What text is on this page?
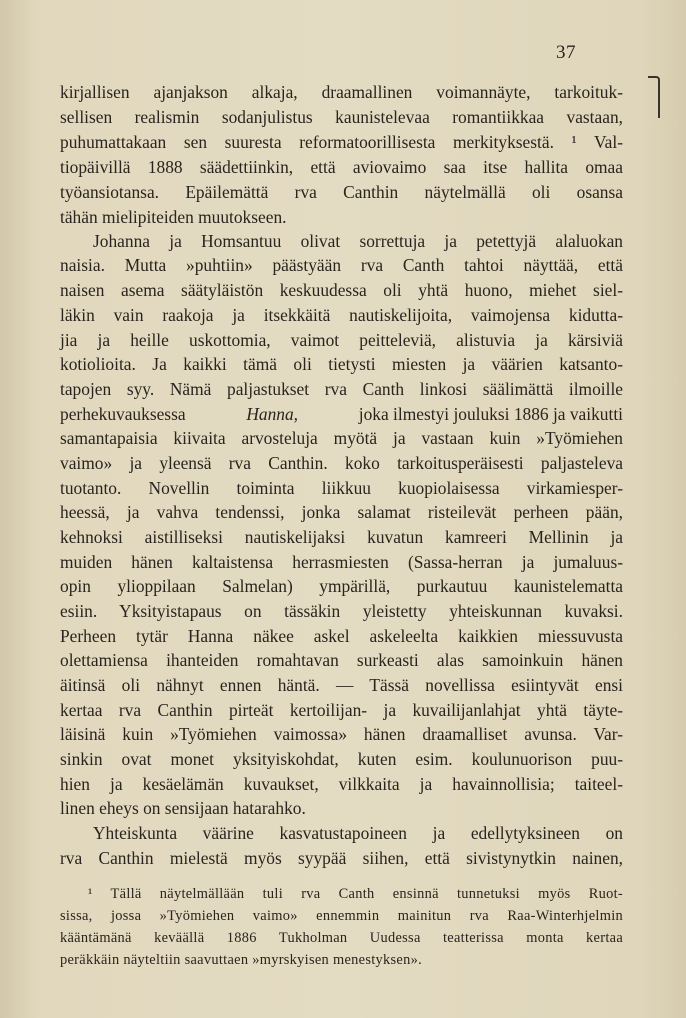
37
kirjallisen ajanjakson alkaja, draamallinen voimannäyte, tarkoituk-
sellisen realismin sodanjulistus kaunistelevaa romantiikkaa vastaan,
puhumattakaan sen suuresta reformatoorillisesta merkityksestä. ¹ Val-
tiopäivillä 1888 säädettiinkin, että aviovaimo saa itse hallita omaa
työansiotansa. Epäilemättä rva Canthin näytelmällä oli osansa
tähän mielipiteiden muutokseen.
Johanna ja Homsantuu olivat sorrettuja ja petettyjä alaluokan
naisia. Mutta »puhtiin» päästyään rva Canth tahtoi näyttää, että
naisen asema säätyläistön keskuudessa oli yhtä huono, miehet siel-
läkin vain raakoja ja itsekkäitä nautiskelijoita, vaimojensa kidutta-
jia ja heille uskottomia, vaimot peitteleviä, alistuvia ja kärsiviä
kotiolioita. Ja kaikki tämä oli tietysti miesten ja väärien katsanto-
tapojen syy. Nämä paljastukset rva Canth linkosi säälimättä ilmoille
perhekuvauksessa	Hanna,	joka ilmestyi jouluksi 1886 ja vaikutti
samantapaisia kiivaita arvosteluja myötä ja vastaan kuin »Työmiehen
vaimo» ja yleensä rva Canthin. koko tarkoitusperäisesti paljasteleva
tuotanto. Novellin toiminta liikkuu kuopiolaisessa virkamiesper-
heessä, ja vahva tendenssi, jonka salamat risteilevät perheen pään,
kehnoksi aistilliseksi nautiskelijaksi kuvatun kamreeri Mellinin ja
muiden hänen kaltaistensa herrasmiesten (Sassa-herran ja jumaluus-
opin ylioppilaan Salmelan) ympärillä, purkautuu kaunistelematta
esiin. Yksityistapaus on tässäkin yleistetty yhteiskunnan kuvaksi.
Perheen tytär Hanna näkee askel askeleelta kaikkien miessuvusta
olettamiensa ihanteiden romahtavan surkeasti alas samoinkuin hänen
äitinsä oli nähnyt ennen häntä. — Tässä novellissa esiintyvät ensi
kertaa rva Canthin pirteät kertoilijan- ja kuvailijanlahjat yhtä täyte-
läisinä kuin »Työmiehen vaimossa» hänen draamalliset avunsa. Var-
sinkin ovat monet yksityiskohdat, kuten esim. koulunuorison puu-
hien ja kesäelämän kuvaukset, vilkkaita ja havainnollisia; taiteel-
linen eheys on sensijaan hatarahko.
Yhteiskunta väärine kasvatustapoineen ja edellytyksineen on
rva Canthin mielestä myös syypää siihen, että sivistynytkin nainen,
¹ Tällä näytelmällään tuli rva Canth ensinnä tunnetuksi myös Ruot-
sissa, jossa »Työmiehen vaimo» ennemmin mainitun rva Raa-Winterhjelmin
kääntämänä keväällä 1886 Tukholman Uudessa teatterissa monta kertaa
peräkkäin näyteltiin saavuttaen »myrskyisen menestyksen».
